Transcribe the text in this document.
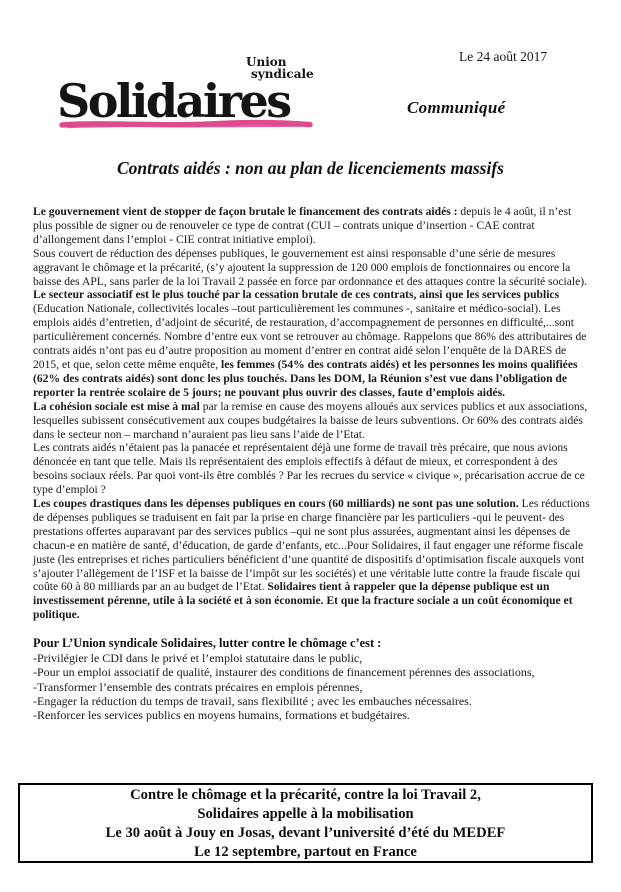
Solidaires
Union
syndicale
Le 24 août 2017
Communiqué
Contrats aidés : non au plan de licenciements massifs

Le gouvernement vient de stopper de façon brutale le financement des contrats aidés : depuis le 4 août, il n’est plus possible de signer ou de renouveler ce type de contrat (CUI – contrats unique d’insertion - CAE contrat d’allongement dans l’emploi - CIE contrat initiative emploi).

Sous couvert de réduction des dépenses publiques, le gouvernement est ainsi responsable d’une série de mesures aggravant le chômage et la précarité, (s’y ajoutent la suppression de 120 000 emplois de fonctionnaires ou encore la baisse des APL, sans parler de la loi Travail 2 passée en force par ordonnance et des attaques contre la sécurité sociale).

Le secteur associatif est le plus touché par la cessation brutale de ces contrats, ainsi que les services publics (Education Nationale, collectivités locales –tout particulièrement les communes -, sanitaire et médico-social). Les emplois aidés d’entretien, d’adjoint de sécurité, de restauration, d’accompagnement de personnes en difficulté,...sont particulièrement concernés. Nombre d’entre eux vont se retrouver au chômage. Rappelons que 86% des attributaires de contrats aidés n’ont pas eu d’autre proposition au moment d’entrer en contrat aidé selon l’enquête de la DARES de 2015, et que, selon cette même enquête, les femmes (54% des contrats aidés) et les personnes les moins qualifiées (62% des contrats aidés) sont donc les plus touchés. Dans les DOM, la Réunion s’est vue dans l’obligation de reporter la rentrée scolaire de 5 jours; ne pouvant plus ouvrir des classes, faute d’emplois aidés.

La cohésion sociale est mise à mal par la remise en cause des moyens alloués aux services publics et aux associations, lesquelles subissent consécutivement aux coupes budgétaires la baisse de leurs subventions. Or 60% des contrats aidés dans le secteur non – marchand n’auraient pas lieu sans l’aide de l’Etat.

Les contrats aidés n’étaient pas la panacée et représentaient déjà une forme de travail très précaire, que nous avions dénoncée en tant que telle. Mais ils représentaient des emplois effectifs à défaut de mieux, et correspondent à des besoins sociaux réels. Par quoi vont-ils être comblés ? Par les recrues du service « civique », précarisation accrue de ce type d’emploi ?

Les coupes drastiques dans les dépenses publiques en cours (60 milliards) ne sont pas une solution. Les réductions de dépenses publiques se traduisent en fait par la prise en charge financière par les particuliers -qui le peuvent- des prestations offertes auparavant par des services publics –qui ne sont plus assurées, augmentant ainsi les dépenses de chacun-e en matière de santé, d’éducation, de garde d’enfants, etc...Pour Solidaires, il faut engager une réforme fiscale juste (les entreprises et riches particuliers bénéficient d’une quantité de dispositifs d’optimisation fiscale auxquels vont s’ajouter l’allègement de l’ISF et la baisse de l’impôt sur les sociétés) et une véritable lutte contre la fraude fiscale qui coûte 60 à 80 milliards par an au budget de l’Etat. Solidaires tient à rappeler que la dépense publique est un investissement pérenne, utile à la société et à son économie. Et que la fracture sociale a un coût économique et politique.

Pour L’Union syndicale Solidaires, lutter contre le chômage c’est :

-Privilégier le CDI dans le privé et l’emploi statutaire dans le public,
-Pour un emploi associatif de qualité, instaurer des conditions de financement pérennes des associations,
-Transformer l’ensemble des contrats précaires en emplois pérennes,
-Engager la réduction du temps de travail, sans flexibilité ; avec les embauches nécessaires.
-Renforcer les services publics en moyens humains, formations et budgétaires.

Contre le chômage et la précarité, contre la loi Travail 2,

Solidaires appelle à la mobilisation

Le 30 août à Jouy en Josas, devant l’université d’été du MEDEF

Le 12 septembre, partout en France
